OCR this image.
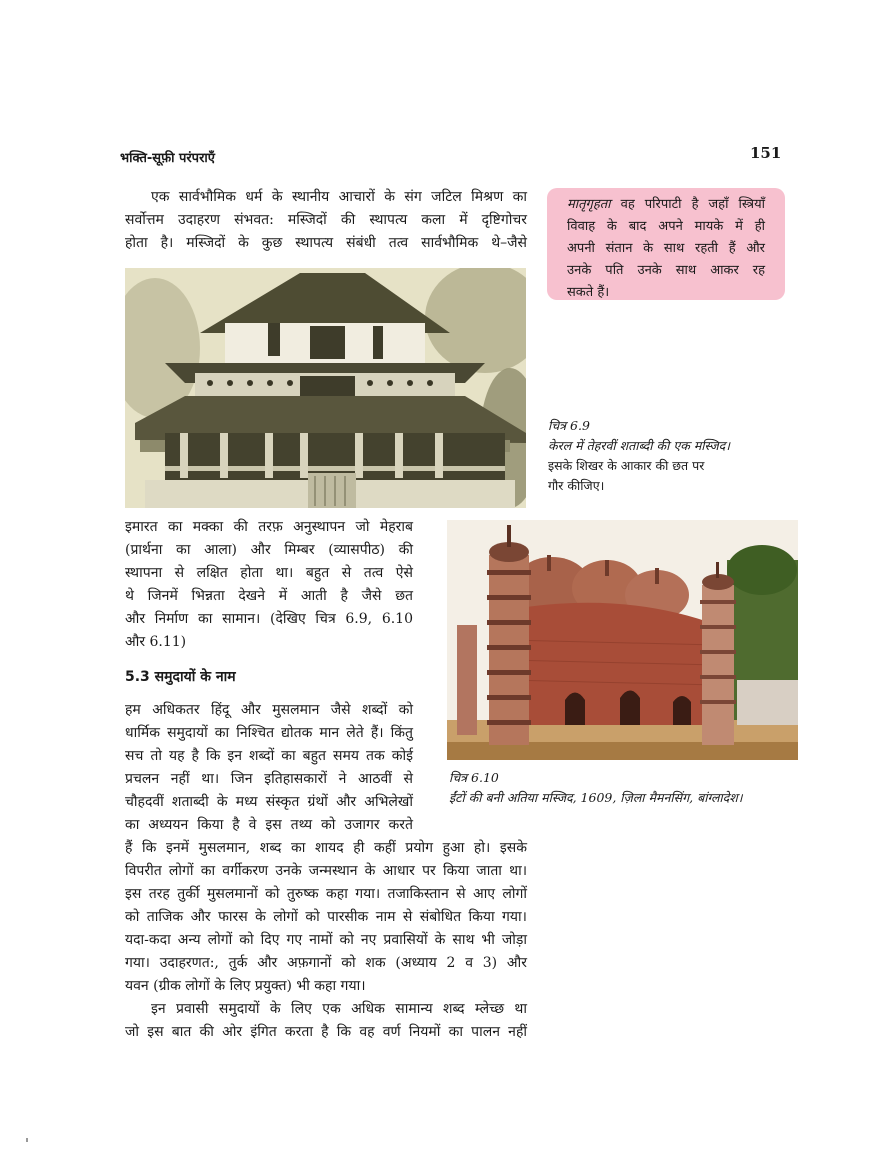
भक्ति-सूफ़ी परंपराएँ	151
एक सार्वभौमिक धर्म के स्थानीय आचारों के संग जटिल मिश्रण का
सर्वोत्तम उदाहरण संभवत: मस्जिदों की स्थापत्य कला में दृष्टिगोचर
होता है। मस्जिदों के कुछ स्थापत्य संबंधी तत्व सार्वभौमिक थे–जैसे
मातृगृहता वह परिपाटी है जहाँ स्त्रियाँ
विवाह के बाद अपने मायके में ही
अपनी संतान के साथ रहती हैं और
उनके पति उनके साथ आकर रह
सकते हैं।
चित्र 6.9
केरल में तेहरवीं शताब्दी की एक मस्जिद।
इसके शिखर के आकार की छत पर
गौर कीजिए।
इमारत का मक्का की तरफ़ अनुस्थापन जो मेहराब
(प्रार्थना का आला) और मिम्बर (व्यासपीठ) की
स्थापना से लक्षित होता था। बहुत से तत्व ऐसे
थे जिनमें भिन्नता देखने में आती है जैसे छत
और निर्माण का सामान। (देखिए चित्र 6.9, 6.10
और 6.11)
5.3 समुदायों के नाम
हम अधिकतर हिंदू और मुसलमान जैसे शब्दों को
धार्मिक समुदायों का निश्चित द्योतक मान लेते हैं। किंतु
सच तो यह है कि इन शब्दों का बहुत समय तक कोई
प्रचलन नहीं था। जिन इतिहासकारों ने आठवीं से
चौहदवीं शताब्दी के मध्य संस्कृत ग्रंथों और अभिलेखों
का अध्ययन किया है वे इस तथ्य को उजागर करते
चित्र 6.10
ईंटों की बनी अतिया मस्जिद, 1609, ज़िला मैमनसिंग, बांग्लादेश।
हैं कि इनमें मुसलमान, शब्द का शायद ही कहीं प्रयोग हुआ हो। इसके
विपरीत लोगों का वर्गीकरण उनके जन्मस्थान के आधार पर किया जाता था।
इस तरह तुर्की मुसलमानों को तुरुष्क कहा गया। तजाकिस्तान से आए लोगों
को ताजिक और फारस के लोगों को पारसीक नाम से संबोधित किया गया।
यदा-कदा अन्य लोगों को दिए गए नामों को नए प्रवासियों के साथ भी जोड़ा
गया। उदाहरणत:, तुर्क और अफ़गानों को शक (अध्याय 2 व 3) और
यवन (ग्रीक लोगों के लिए प्रयुक्त) भी कहा गया।
इन प्रवासी समुदायों के लिए एक अधिक सामान्य शब्द म्लेच्छ था
जो इस बात की ओर इंगित करता है कि वह वर्ण नियमों का पालन नहीं
